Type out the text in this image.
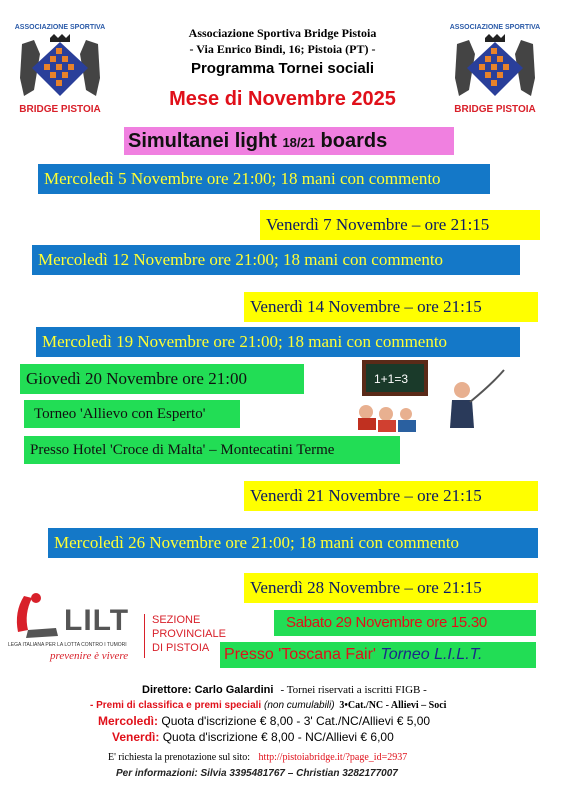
ASSOCIAZIONE SPORTIVA
BRIDGE PISTOIA
ASSOCIAZIONE SPORTIVA
BRIDGE PISTOIA
Associazione Sportiva Bridge Pistoia
- Via Enrico Bindi, 16; Pistoia (PT) -
Programma Tornei sociali
Mese di Novembre 2025
Simultanei light 18/21 boards
Mercoledì 5 Novembre ore 21:00; 18 mani con commento
Venerdì 7 Novembre – ore 21:15
Mercoledì 12 Novembre ore 21:00; 18 mani con commento
Venerdì 14 Novembre – ore 21:15
Mercoledì 19 Novembre ore 21:00; 18 mani con commento
Giovedì 20 Novembre ore 21:00
Torneo 'Allievo con Esperto'
Presso Hotel 'Croce di Malta' – Montecatini Terme
1+1=3
Venerdì 21 Novembre – ore 21:15
Mercoledì 26 Novembre ore 21:00; 18 mani con commento
Venerdì 28 Novembre – ore 21:15
Sabato 29 Novembre ore 15.30
Presso 'Toscana Fair' Torneo L.I.L.T.
LILT
LEGA ITALIANA PER LA LOTTA CONTRO I TUMORI
prevenire è vivere
SEZIONE
PROVINCIALE
DI PISTOIA
Direttore: Carlo Galardini - Tornei riservati a iscritti FIGB -
- Premi di classifica e premi speciali (non cumulabili) 3•Cat./NC - Allievi – Soci
Mercoledì: Quota d'iscrizione € 8,00 - 3' Cat./NC/Allievi € 5,00
Venerdì: Quota d'iscrizione € 8,00 - NC/Allievi € 6,00
E' richiesta la prenotazione sul sito: http://pistoiabridge.it/?page_id=2937
Per informazioni: Silvia 3395481767 – Christian 3282177007
